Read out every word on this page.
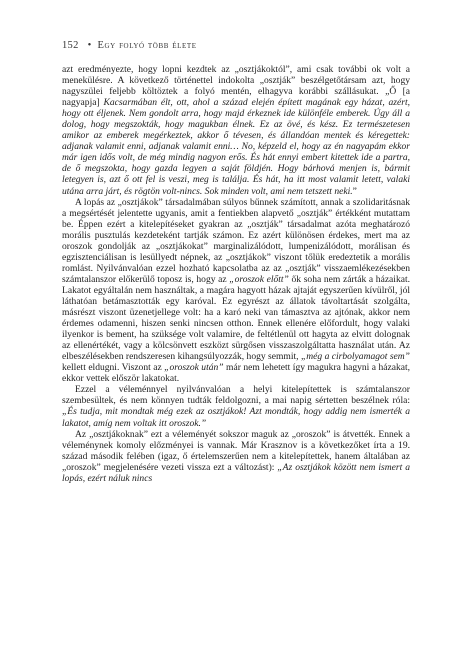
152 • Egy folyó több élete

azt eredményezte, hogy lopni kezdtek az „osztjákoktól”, ami csak további ok volt a menekülésre. A következő történettel indokolta „osztják” beszélgetőtársam azt, hogy nagyszülei feljebb költöztek a folyó mentén, elhagyva korábbi szállásukat. „Ő [a nagyapja] Kacsarmában élt, ott, ahol a század elején épített magának egy házat, azért, hogy ott éljenek. Nem gondolt arra, hogy majd érkeznek ide különféle emberek. Úgy áll a dolog, hogy megszokták, hogy magukban élnek. Ez az övé, és kész. Ez természetesen amikor az emberek megérkeztek, akkor ő tévesen, és állandóan mentek és kéregettek: adjanak valamit enni, adjanak valamit enni… No, képzeld el, hogy az én nagyapám ekkor már igen idős volt, de még mindig nagyon erős. És hát ennyi embert kitettek ide a partra, de ő megszokta, hogy gazda legyen a saját földjén. Hogy bárhová menjen is, bármit letegyen is, azt ő ott fel is veszi, meg is találja. És hát, ha itt most valamit letett, valaki utána arra járt, és rögtön volt-nincs. Sok minden volt, ami nem tetszett neki.”

A lopás az „osztjákok” társadalmában súlyos bűnnek számított, annak a szolidaritásnak a megsértését jelentette ugyanis, amit a fentiekben alapvető „osztják” értékként mutattam be. Éppen ezért a kitelepítéseket gyakran az „osztják” társadalmat azóta meghatározó morális pusztulás kezdeteként tartják számon. Ez azért különösen érdekes, mert ma az oroszok gondolják az „osztjákokat” marginalizálódott, lumpenizálódott, morálisan és egzisztenciálisan is lesüllyedt népnek, az „osztjákok” viszont tőlük eredeztetik a morális romlást. Nyilvánvalóan ezzel hozható kapcsolatba az az „osztják” visszaemlékezésekben számtalanszor előkerülő toposz is, hogy az „oroszok előtt” ők soha nem zárták a házaikat. Lakatot egyáltalán nem használtak, a magára hagyott házak ajtaját egyszerűen kívülről, jól láthatóan betámasztották egy karóval. Ez egyrészt az állatok távoltartását szolgálta, másrészt viszont üzenetjellege volt: ha a karó neki van támasztva az ajtónak, akkor nem érdemes odamenni, hiszen senki nincsen otthon. Ennek ellenére előfordult, hogy valaki ilyenkor is bement, ha szüksége volt valamire, de feltétlenül ott hagyta az elvitt dolognak az ellenértékét, vagy a kölcsönvett eszközt sürgősen visszaszolgáltatta használat után. Az elbeszélésekben rendszeresen kihangsúlyozzák, hogy semmit, „még a cirbolyamagot sem” kellett eldugni. Viszont az „oroszok után” már nem lehetett így magukra hagyni a házakat, ekkor vettek először lakatokat.

Ezzel a véleménnyel nyilvánvalóan a helyi kitelepítettek is számtalanszor szembesültek, és nem könnyen tudták feldolgozni, a mai napig sértetten beszélnek róla: „És tudja, mit mondtak még ezek az osztjákok! Azt mondták, hogy addig nem ismerték a lakatot, amíg nem voltak itt oroszok.”

Az „osztjákoknak” ezt a véleményét sokszor maguk az „oroszok” is átvették. Ennek a véleménynek komoly előzményei is vannak. Már Krasznov is a következőket írta a 19. század második felében (igaz, ő értelemszerűen nem a kitelepítettek, hanem általában az „oroszok” megjelenésére vezeti vissza ezt a változást): „Az osztjákok között nem ismert a lopás, ezért náluk nincs
